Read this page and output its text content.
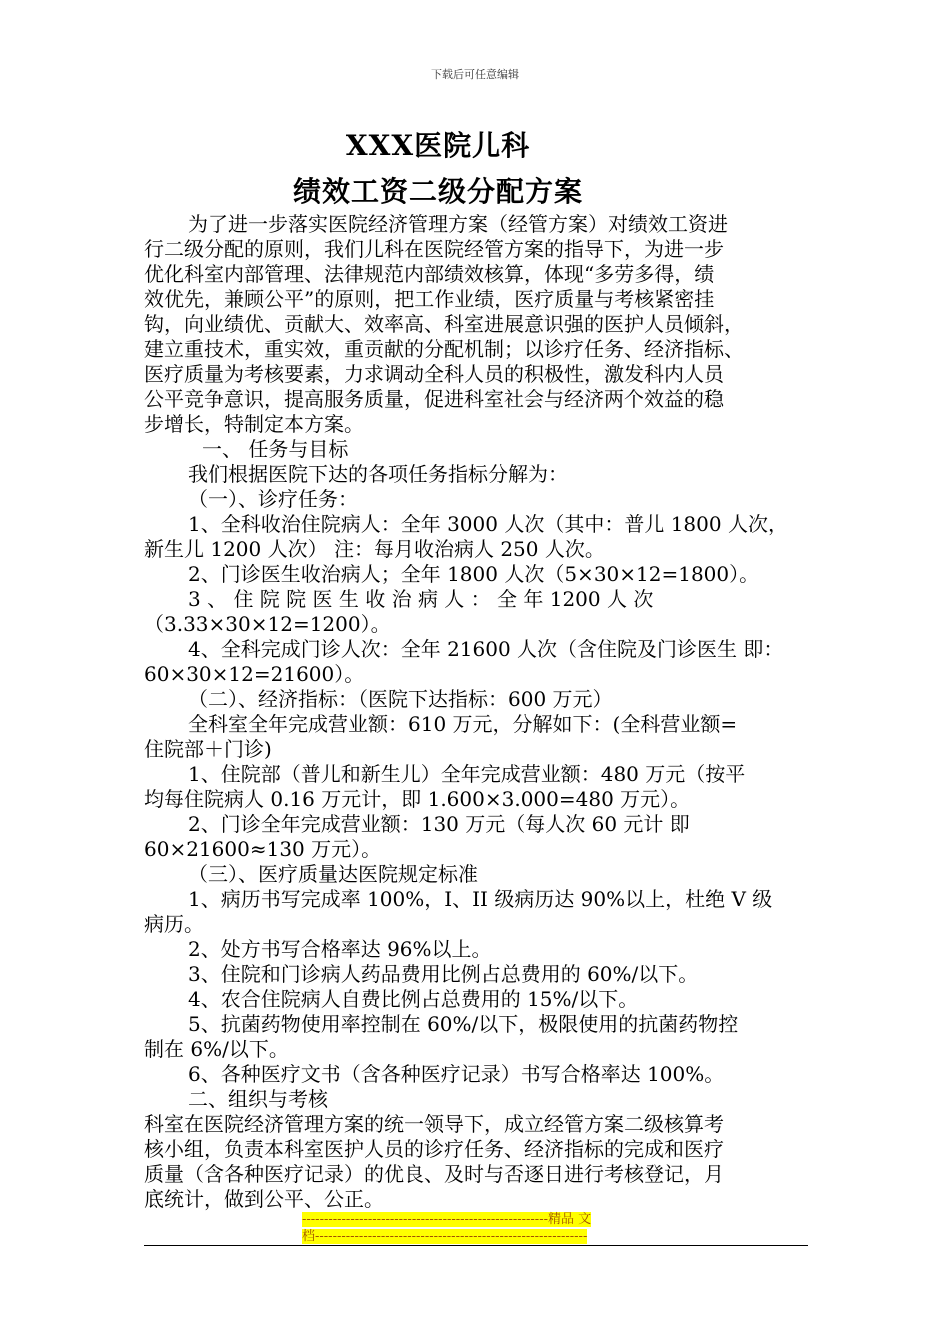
下载后可任意编辑
XXX医院儿科
绩效工资二级分配方案

为了进一步落实医院经济管理方案（经管方案）对绩效工资进

行二级分配的原则，我们儿科在医院经管方案的指导下，为进一步

优化科室内部管理、法律规范内部绩效核算，体现“多劳多得，绩

效优先，兼顾公平”的原则，把工作业绩，医疗质量与考核紧密挂

钩，向业绩优、贡献大、效率高、科室进展意识强的医护人员倾斜，

建立重技术，重实效，重贡献的分配机制；以诊疗任务、经济指标、

医疗质量为考核要素，力求调动全科人员的积极性，激发科内人员

公平竞争意识，提高服务质量，促进科室社会与经济两个效益的稳

步增长，特制定本方案。

一、 任务与目标

我们根据医院下达的各项任务指标分解为：

（一）、诊疗任务：

1、全科收治住院病人：全年 3000 人次（其中：普儿 1800 人次，

新生儿 1200 人次） 注：每月收治病人 250 人次。

2、门诊医生收治病人；全年 1800 人次（5×30×12=1800）。

3 、 住 院 院 医 生 收 治 病 人 ： 全 年 1200 人 次

（3.33×30×12=1200）。

4、全科完成门诊人次：全年 21600 人次（含住院及门诊医生 即：

60×30×12=21600）。

（二）、经济指标：（医院下达指标：600 万元）

全科室全年完成营业额：610 万元，分解如下：(全科营业额=

住院部＋门诊)

1、住院部（普儿和新生儿）全年完成营业额：480 万元（按平

均每住院病人 0.16 万元计，即 1.600×3.000=480 万元）。

2、门诊全年完成营业额：130 万元（每人次 60 元计 即

60×21600≈130 万元）。

（三）、医疗质量达医院规定标准

1、病历书写完成率 100%，I、II 级病历达 90%以上，杜绝 V 级

病历。

2、处方书写合格率达 96%以上。

3、住院和门诊病人药品费用比例占总费用的 60%/以下。

4、农合住院病人自费比例占总费用的 15%/以下。

5、抗菌药物使用率控制在 60%/以下，极限使用的抗菌药物控

制在 6%/以下。

6、各种医疗文书（含各种医疗记录）书写合格率达 100%。

二、组织与考核

科室在医院经济管理方案的统一领导下，成立经管方案二级核算考

核小组，负责本科室医护人员的诊疗任务、经济指标的完成和医疗

质量（含各种医疗记录）的优良、及时与否逐日进行考核登记，月

底统计，做到公平、公正。

--------------------------------------------------------精品 文
档--------------------------------------------------------------
